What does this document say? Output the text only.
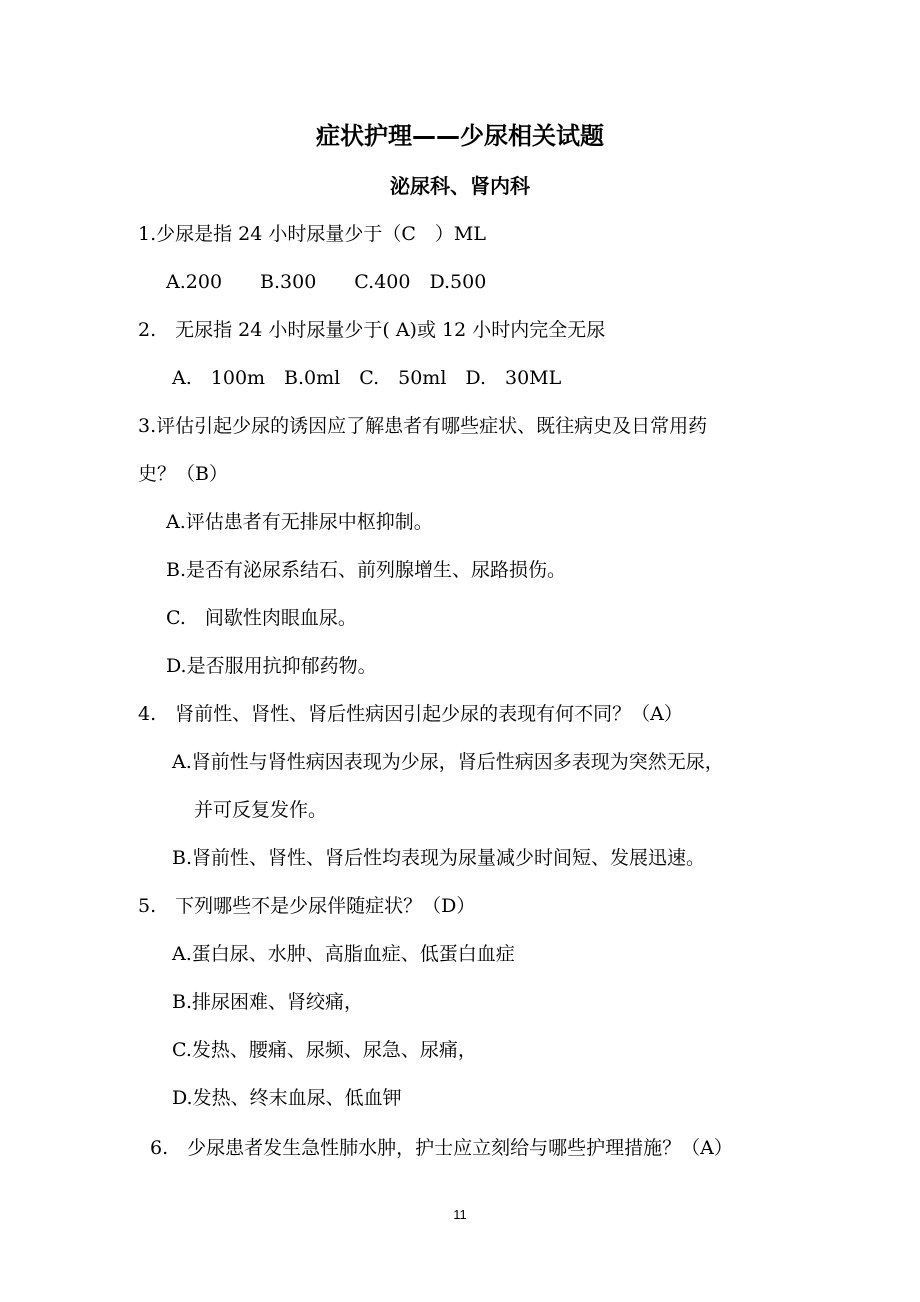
症状护理——少尿相关试题
泌尿科、肾内科
1.少尿是指 24 小时尿量少于（C　）ML
A.200　　B.300　　C.400　D.500
2.　无尿指 24 小时尿量少于( A)或 12 小时内完全无尿
A.　100m　B.0ml　C.　50ml　D.　30ML
3.评估引起少尿的诱因应了解患者有哪些症状、既往病史及日常用药
史？（B）
A.评估患者有无排尿中枢抑制。
B.是否有泌尿系结石、前列腺增生、尿路损伤。
C.　间歇性肉眼血尿。
D.是否服用抗抑郁药物。
4.　肾前性、肾性、肾后性病因引起少尿的表现有何不同？（A）
A.肾前性与肾性病因表现为少尿，肾后性病因多表现为突然无尿，
并可反复发作。
B.肾前性、肾性、肾后性均表现为尿量减少时间短、发展迅速。
5.　下列哪些不是少尿伴随症状？（D）
A.蛋白尿、水肿、高脂血症、低蛋白血症
B.排尿困难、肾绞痛，
C.发热、腰痛、尿频、尿急、尿痛，
D.发热、终末血尿、低血钾
6.　少尿患者发生急性肺水肿，护士应立刻给与哪些护理措施？（A）
11
